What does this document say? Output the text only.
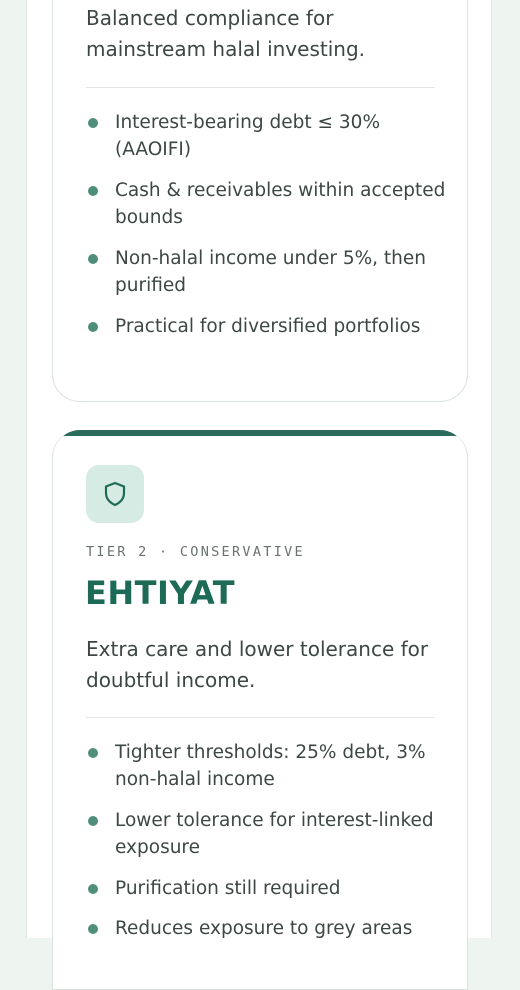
Balanced compliance for mainstream halal investing.

Interest-bearing debt ≤ 30% (AAOIFI)
Cash & receivables within accepted bounds
Non-halal income under 5%, then purified
Practical for diversified portfolios
TIER 2 · CONSERVATIVE
EHTIYAT

Extra care and lower tolerance for doubtful income.

Tighter thresholds: 25% debt, 3% non-halal income
Lower tolerance for interest-linked exposure
Purification still required
Reduces exposure to grey areas
